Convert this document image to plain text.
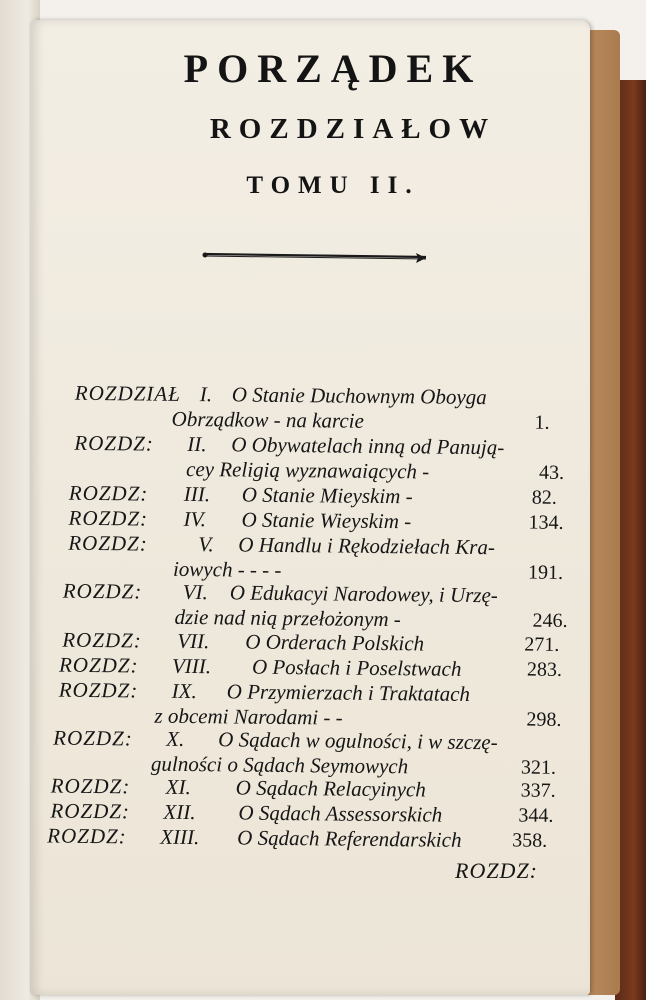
PORZĄDEK
ROZDZIAŁOW
TOMU II.
ROZDZIAŁ I. O Stanie Duchownym Oboyga
Obrządkow - na karcie	1.
ROZDZ: II. O Obywatelach inną od Panują-
cey Religią wyznawaiących -	43.
ROZDZ: III. O Stanie Mieyskim -	82.
ROZDZ: IV. O Stanie Wieyskim -	134.
ROZDZ: V. O Handlu i Rękodziełach Kra-
iowych - - - -	191.
ROZDZ: VI. O Edukacyi Narodowey, i Urzę-
dzie nad nią przełożonym -	246.
ROZDZ: VII. O Orderach Polskich	271.
ROZDZ: VIII. O Posłach i Poselstwach	283.
ROZDZ: IX. O Przymierzach i Traktatach
z obcemi Narodami - -	298.
ROZDZ: X. O Sądach w ogulności, i w szczę-
gulności o Sądach Seymowych	321.
ROZDZ: XI. O Sądach Relacyinych	337.
ROZDZ: XII. O Sądach Assessorskich	344.
ROZDZ: XIII. O Sądach Referendarskich	358.
ROZDZ:
